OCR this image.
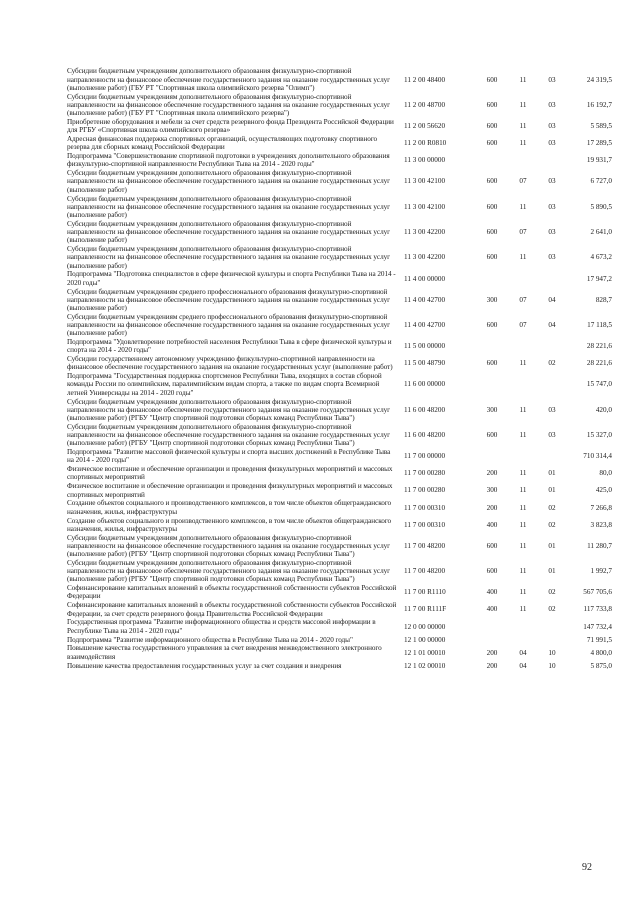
Субсидии бюджетным учреждениям дополнительного образования физкультурно-спортивной направленности на финансовое обеспечение государственного задания на оказание государственных услуг (выполнение работ) (ГБУ РТ "Спортивная школа олимпийского резерва "Олимп")	11 2 00 48400	600	11	03	24 319,5
Субсидии бюджетным учреждениям дополнительного образования физкультурно-спортивной направленности на финансовое обеспечение государственного задания на оказание государственных услуг (выполнение работ) (ГБУ РТ "Спортивная школа олимпийского резерва")	11 2 00 48700	600	11	03	16 192,7
Приобретение оборудования и мебели за счет средств резервного фонда Президента Российской Федерации для РГБУ «Спортивная школа олимпийского резерва»	11 2 00 56620	600	11	03	5 589,5
Адресная финансовая поддержка спортивных организаций, осуществляющих подготовку спортивного резерва для сборных команд Российской Федерации	11 2 00 R0810	600	11	03	17 289,5
Подпрограмма "Совершенствование спортивной подготовки в учреждениях дополнительного образования физкультурно-спортивной направленности Республики Тыва на 2014 - 2020 годы"	11 3 00 00000				19 931,7
Субсидии бюджетным учреждениям дополнительного образования физкультурно-спортивной направленности на финансовое обеспечение государственного задания на оказание государственных услуг (выполнение работ)	11 3 00 42100	600	07	03	6 727,0
Субсидии бюджетным учреждениям дополнительного образования физкультурно-спортивной направленности на финансовое обеспечение государственного задания на оказание государственных услуг (выполнение работ)	11 3 00 42100	600	11	03	5 890,5
Субсидии бюджетным учреждениям дополнительного образования физкультурно-спортивной направленности на финансовое обеспечение государственного задания на оказание государственных услуг (выполнение работ)	11 3 00 42200	600	07	03	2 641,0
Субсидии бюджетным учреждениям дополнительного образования физкультурно-спортивной направленности на финансовое обеспечение государственного задания на оказание государственных услуг (выполнение работ)	11 3 00 42200	600	11	03	4 673,2
Подпрограмма "Подготовка специалистов в сфере физической культуры и спорта Республики Тыва на 2014 - 2020 годы"	11 4 00 00000				17 947,2
Субсидии бюджетным учреждениям среднего профессионального образования физкультурно-спортивной направленности на финансовое обеспечение государственного задания на оказание государственных услуг (выполнение работ)	11 4 00 42700	300	07	04	828,7
Субсидии бюджетным учреждениям среднего профессионального образования физкультурно-спортивной направленности на финансовое обеспечение государственного задания на оказание государственных услуг (выполнение работ)	11 4 00 42700	600	07	04	17 118,5
Подпрограмма "Удовлетворение потребностей населения Республики Тыва в сфере физической культуры и спорта на 2014 - 2020 годы"	11 5 00 00000				28 221,6
Субсидии государственному автономному учреждению физкультурно-спортивной направленности на финансовое обеспечение государственного задания на оказание государственных услуг (выполнение работ)	11 5 00 48790	600	11	02	28 221,6
Подпрограмма "Государственная поддержка спортсменов Республики Тыва, входящих в состав сборной команды России по олимпийским, паралимпийским видам спорта, а также по видам спорта Всемирной летней Универсиады на 2014 - 2020 годы"	11 6 00 00000				15 747,0
Субсидии бюджетным учреждениям дополнительного образования физкультурно-спортивной направленности на финансовое обеспечение государственного задания на оказание государственных услуг (выполнение работ) (РГБУ "Центр спортивной подготовки сборных команд Республики Тыва")	11 6 00 48200	300	11	03	420,0
Субсидии бюджетным учреждениям дополнительного образования физкультурно-спортивной направленности на финансовое обеспечение государственного задания на оказание государственных услуг (выполнение работ) (РГБУ "Центр спортивной подготовки сборных команд Республики Тыва")	11 6 00 48200	600	11	03	15 327,0
Подпрограмма "Развитие массовой физической культуры и спорта высших достижений в Республике Тыва на 2014 - 2020 годы"	11 7 00 00000				710 314,4
Физическое воспитание и обеспечение организации и проведения физкультурных мероприятий и массовых спортивных мероприятий	11 7 00 00280	200	11	01	80,0
Физическое воспитание и обеспечение организации и проведения физкультурных мероприятий и массовых спортивных мероприятий	11 7 00 00280	300	11	01	425,0
Создание объектов социального и производственного комплексов, в том числе объектов общегражданского назначения, жилья, инфраструктуры	11 7 00 00310	200	11	02	7 266,8
Создание объектов социального и производственного комплексов, в том числе объектов общегражданского назначения, жилья, инфраструктуры	11 7 00 00310	400	11	02	3 823,8
Субсидии бюджетным учреждениям дополнительного образования физкультурно-спортивной направленности на финансовое обеспечение государственного задания на оказание государственных услуг (выполнение работ) (РГБУ "Центр спортивной подготовки сборных команд Республики Тыва")	11 7 00 48200	600	11	01	11 280,7
Субсидии бюджетным учреждениям дополнительного образования физкультурно-спортивной направленности на финансовое обеспечение государственного задания на оказание государственных услуг (выполнение работ) (РГБУ "Центр спортивной подготовки сборных команд Республики Тыва")	11 7 00 48200	600	11	01	1 992,7
Софинансирование капитальных вложений в объекты государственной собственности субъектов Российской Федерации	11 7 00 R1110	400	11	02	567 705,6
Софинансирование капитальных вложений в объекты государственной собственности субъектов Российской Федерации, за счет средств резервного фонда Правительства Российской Федерации	11 7 00 R111F	400	11	02	117 733,8
Государственная программа "Развитие информационного общества и средств массовой информации в Республике Тыва на 2014 - 2020 годы"	12 0 00 00000				147 732,4
Подпрограмма "Развитие информационного общества в Республике Тыва на 2014 - 2020 годы"	12 1 00 00000				71 991,5
Повышение качества государственного управления за счет внедрения межведомственного электронного взаимодействия	12 1 01 00010	200	04	10	4 800,0
Повышение качества предоставления государственных услуг за счет создания и внедрения	12 1 02 00010	200	04	10	5 875,0
92
